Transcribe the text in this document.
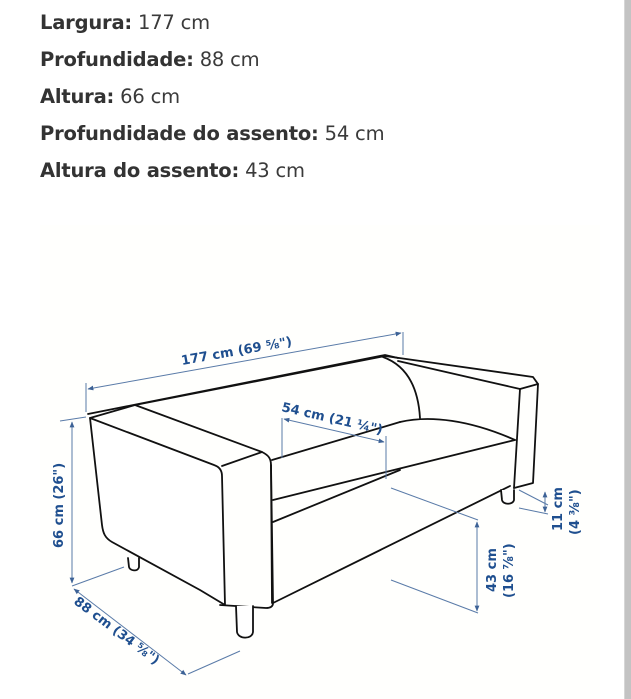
Largura: 177 cm
Profundidade: 88 cm
Altura: 66 cm
Profundidade do assento: 54 cm
Altura do assento: 43 cm
177 cm (69 ⅝")
54 cm (21 ¼")
66 cm (26")
88 cm (34 ⅝")
43 cm (16 ⅞")
11 cm (4 ⅜")
